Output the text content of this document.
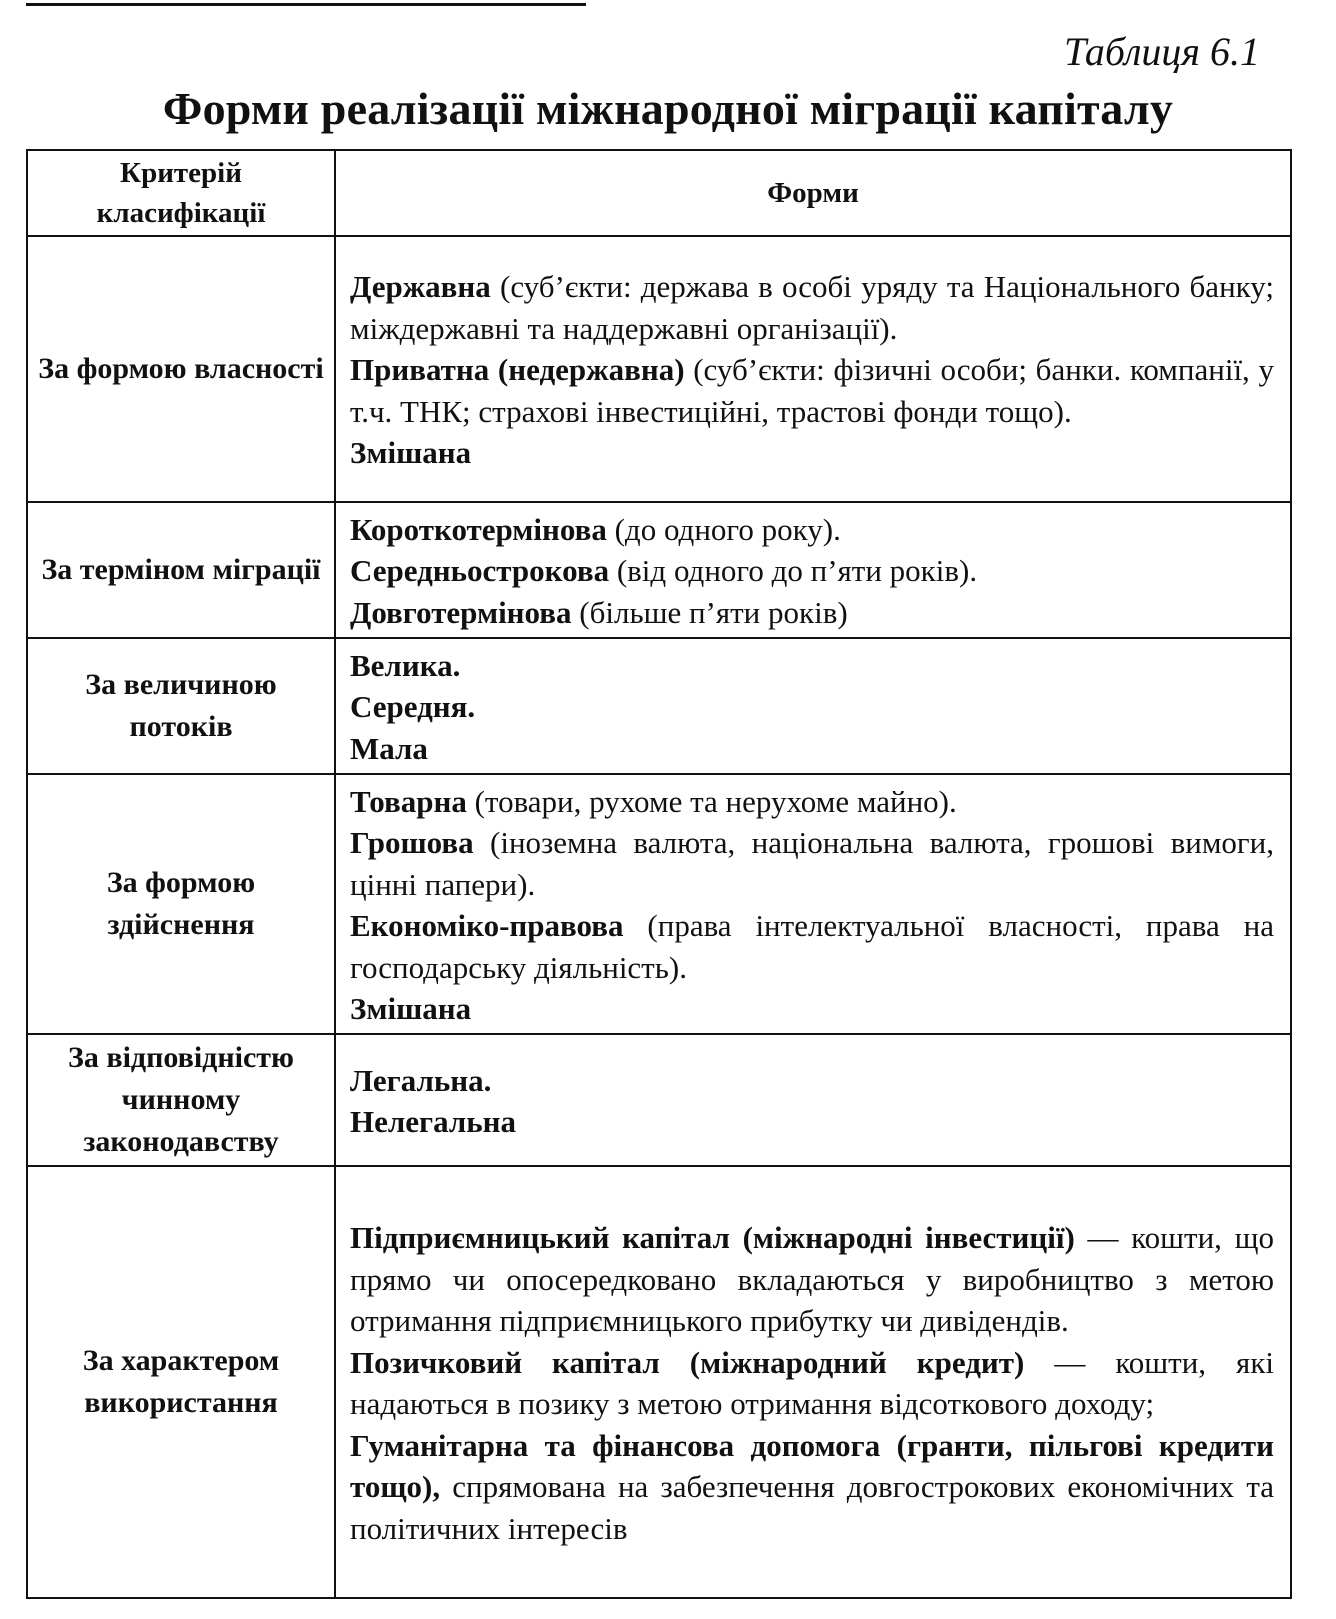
Таблиця 6.1
Форми реалізації міжнародної міграції капіталу
Критерій класифікації	Форми
За формою власності	Державна (суб’єкти: держава в особі уряду та Національного банку; міждержавні та наддержавні організації).

Приватна (недержавна) (суб’єкти: фізичні особи; банки. компанії, у т.ч. ТНК; страхові інвестиційні, трастові фонди тощо).

Змішана

За терміном міграції	Короткотермінова (до одного року).

Середньострокова (від одного до п’яти років).

Довготермінова (більше п’яти років)

За величиною потоків	Велика.

Середня.

Мала

За формою здійснення	Товарна (товари, рухоме та нерухоме майно).

Грошова (іноземна валюта, національна валюта, грошові вимоги, цінні папери).

Економіко-правова (права інтелектуальної власності, права на господарську діяльність).

Змішана

За відповідністю чинному законодавству	Легальна.

Нелегальна

За характером використання	Підприємницький капітал (міжнародні інвестиції) — кошти, що прямо чи опосередковано вкладаються у виробництво з метою отримання підприємницького прибутку чи дивідендів.

Позичковий капітал (міжнародний кредит) — кошти, які надаються в позику з метою отримання відсоткового доходу;

Гуманітарна та фінансова допомога (гранти, пільгові кредити тощо), спрямована на забезпечення довгострокових економічних та політичних інтересів
